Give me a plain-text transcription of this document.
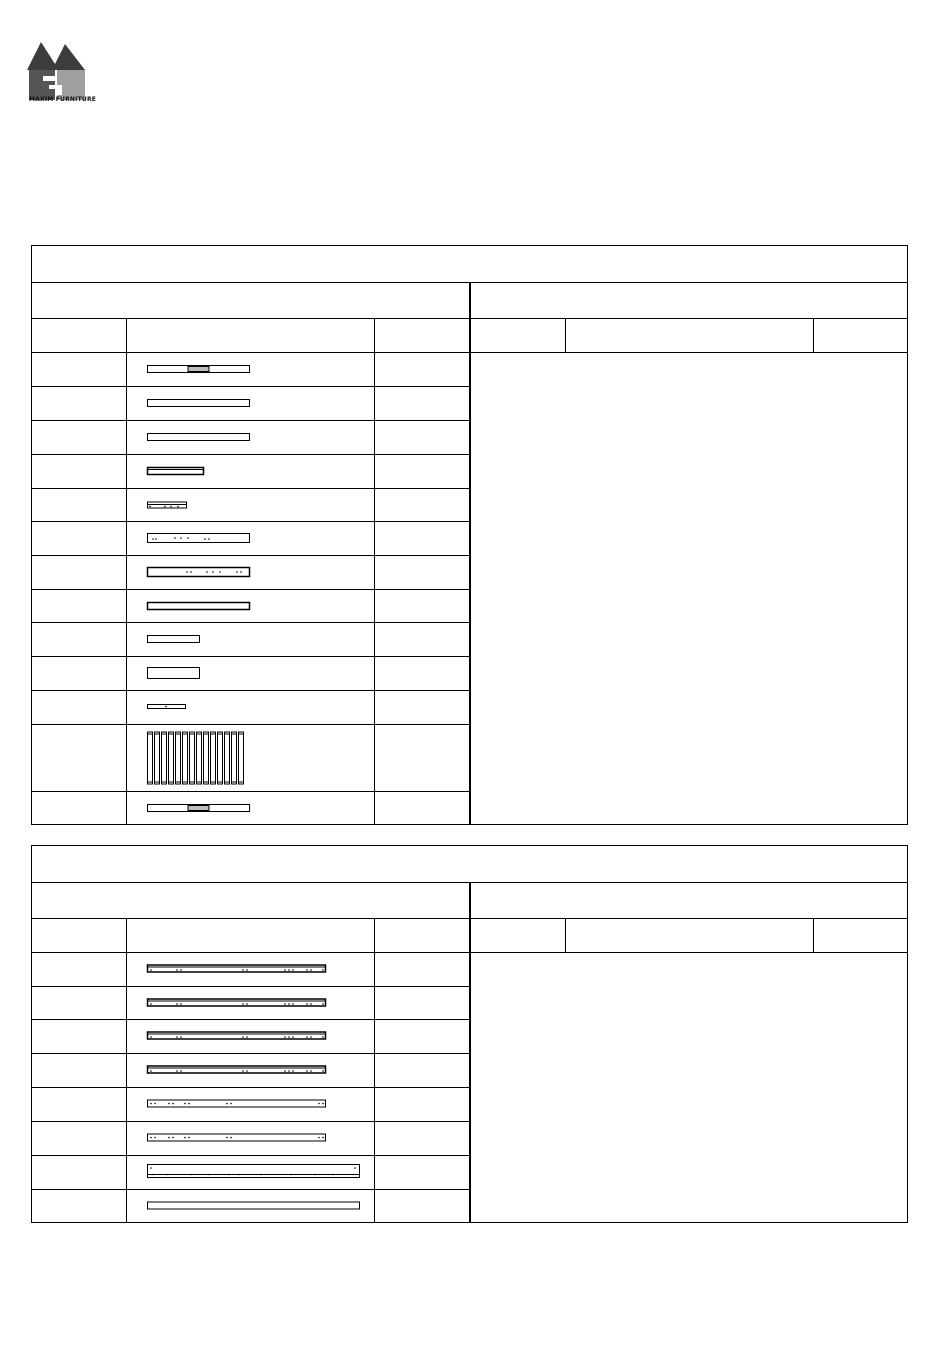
MAXIM FURNITURE
